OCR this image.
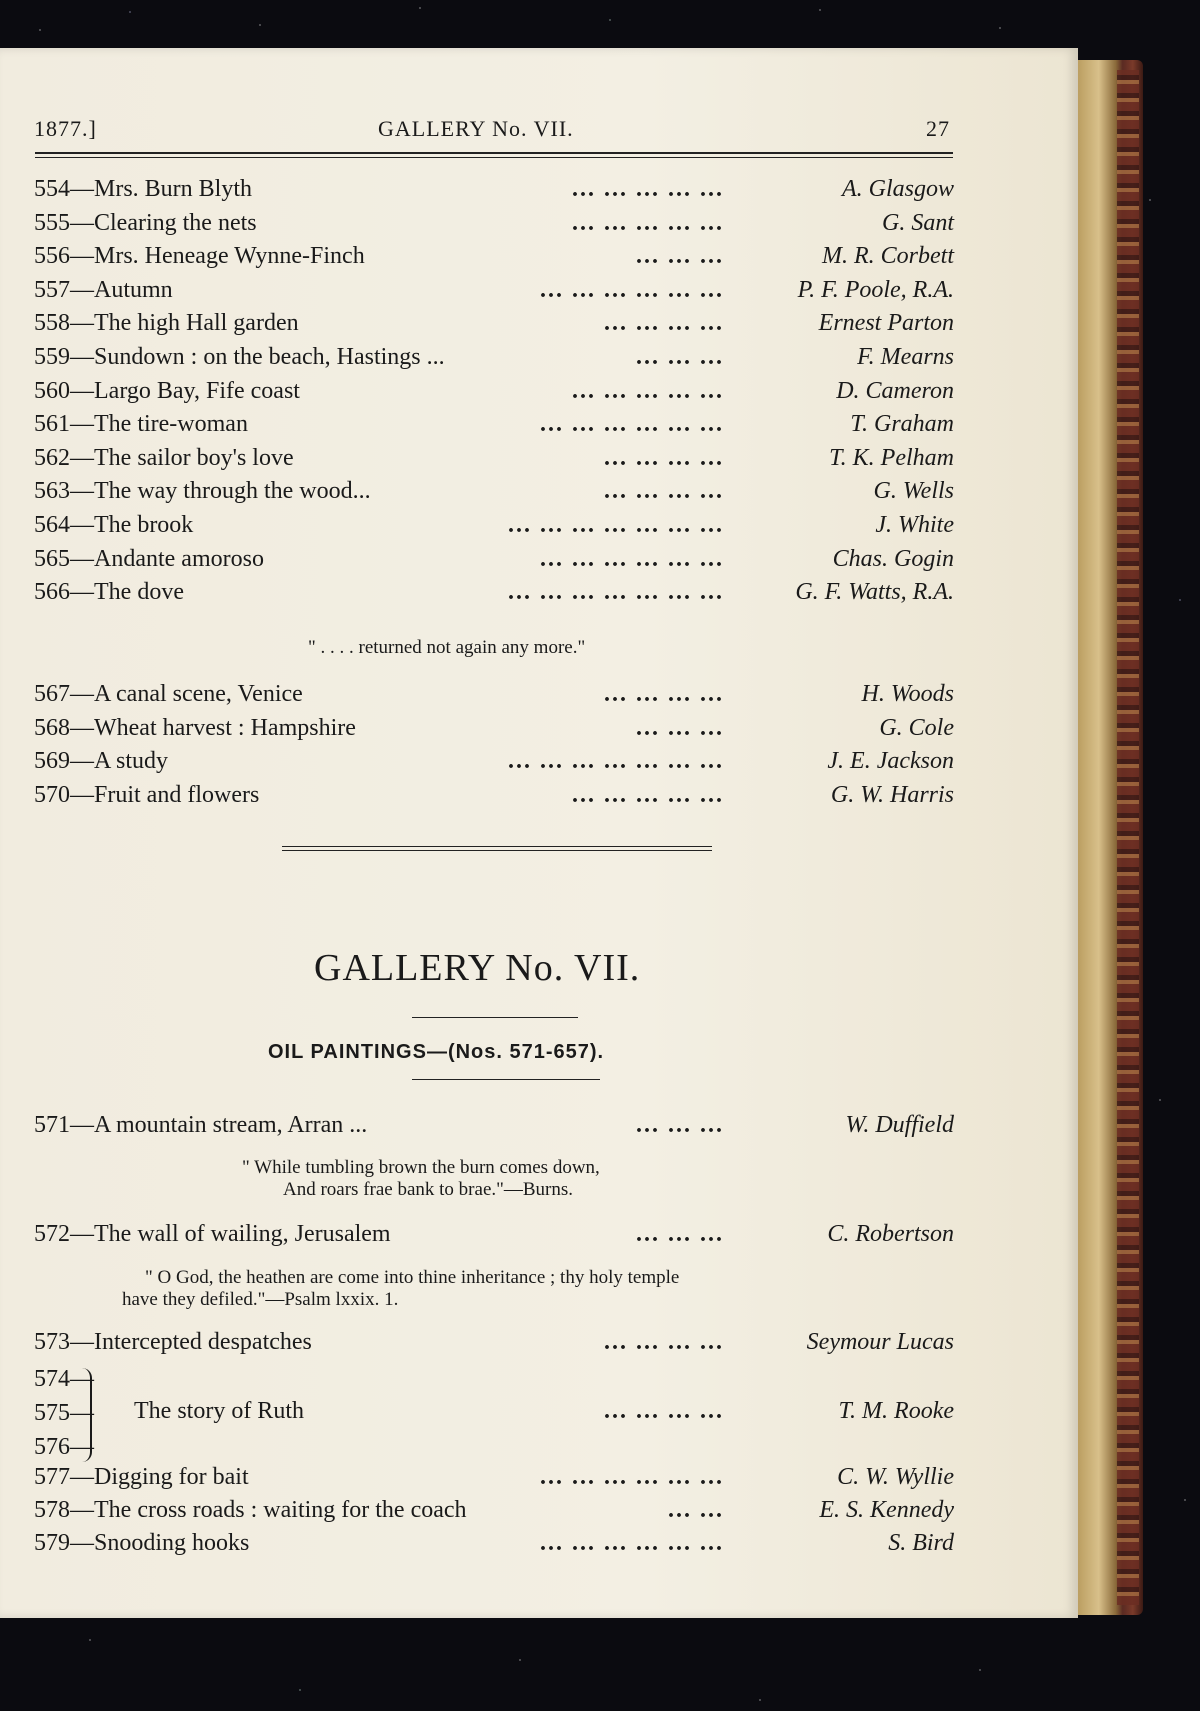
1877.]	GALLERY No. VII.	27
554—Mrs. Burn Blyth	... ... ... ... ...	A. Glasgow
555—Clearing the nets	... ... ... ... ...	G. Sant
556—Mrs. Heneage Wynne-Finch	... ... ...	M. R. Corbett
557—Autumn	... ... ... ... ... ...	P. F. Poole, R.A.
558—The high Hall garden	... ... ... ...	Ernest Parton
559—Sundown : on the beach, Hastings ...	... ... ...	F. Mearns
560—Largo Bay, Fife coast	... ... ... ... ...	D. Cameron
561—The tire-woman	... ... ... ... ... ...	T. Graham
562—The sailor boy's love	... ... ... ...	T. K. Pelham
563—The way through the wood...	... ... ... ...	G. Wells
564—The brook	... ... ... ... ... ... ...	J. White
565—Andante amoroso	... ... ... ... ... ...	Chas. Gogin
566—The dove	... ... ... ... ... ... ...	G. F. Watts, R.A.
" . . . . returned not again any more."
567—A canal scene, Venice	... ... ... ...	H. Woods
568—Wheat harvest : Hampshire	... ... ...	G. Cole
569—A study	... ... ... ... ... ... ...	J. E. Jackson
570—Fruit and flowers	... ... ... ... ...	G. W. Harris
GALLERY No. VII.
OIL PAINTINGS—(Nos. 571-657).
571—A mountain stream, Arran ...	... ... ...	W. Duffield
" While tumbling brown the burn comes down,
And roars frae bank to brae."—Burns.
572—The wall of wailing, Jerusalem	... ... ...	C. Robertson
" O God, the heathen are come into thine inheritance ; thy holy temple
have they defiled."—Psalm lxxix. 1.
573—Intercepted despatches	... ... ... ...	Seymour Lucas
574—
575—
576—
The story of Ruth	... ... ... ...	T. M. Rooke
577—Digging for bait	... ... ... ... ... ...	C. W. Wyllie
578—The cross roads : waiting for the coach	... ...	E. S. Kennedy
579—Snooding hooks	... ... ... ... ... ...	S. Bird
